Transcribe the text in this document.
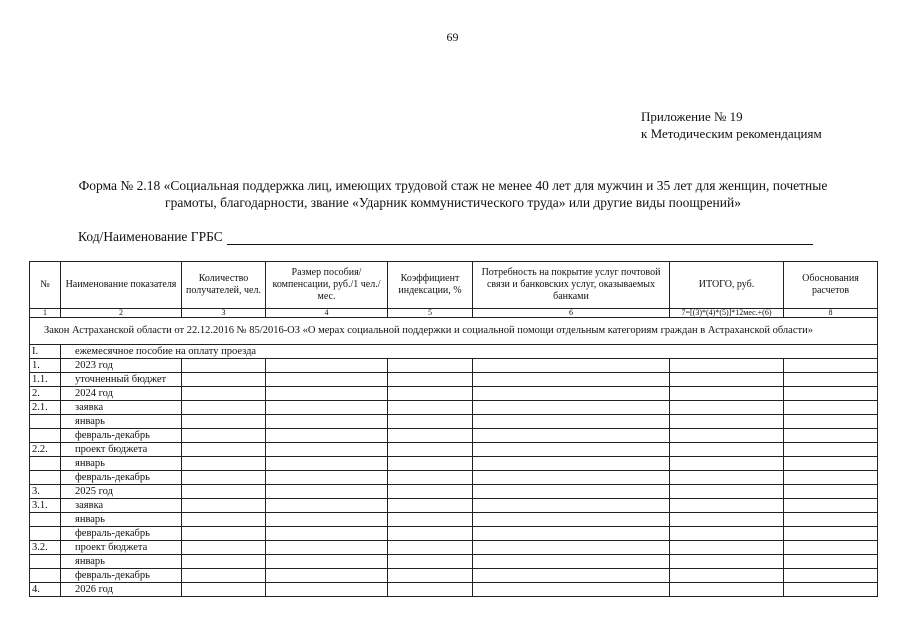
69
Приложение № 19
к Методическим рекомендациям
Форма № 2.18 «Социальная поддержка лиц, имеющих трудовой стаж не менее 40 лет для мужчин и 35 лет для женщин, почетные
грамоты, благодарности, звание «Ударник коммунистического труда» или другие виды поощрений»
Код/Наименование ГРБС
№	Наименование показателя	Количество получателей, чел.	Размер пособия/компенсации, руб./1 чел./мес.	Коэффициент индексации, %	Потребность на покрытие услуг почтовой связи и банковских услуг, оказываемых банками	ИТОГО, руб.	Обоснования расчетов
1	2	3	4	5	6	7=[(3)*(4)*(5)]*12мес.+(6)	8
Закон Астраханской области от 22.12.2016 № 85/2016-ОЗ «О мерах социальной поддержки и социальной помощи отдельным категориям граждан в Астраханской области»							
I.	ежемесячное пособие на оплату проезда						
1.	2023 год						
1.1.	уточненный бюджет						
2.	2024 год						
2.1.	заявка						
	январь						
	февраль-декабрь						
2.2.	проект бюджета						
	январь						
	февраль-декабрь						
3.	2025 год						
3.1.	заявка						
	январь						
	февраль-декабрь						
3.2.	проект бюджета						
	январь						
	февраль-декабрь						
4.	2026 год						
